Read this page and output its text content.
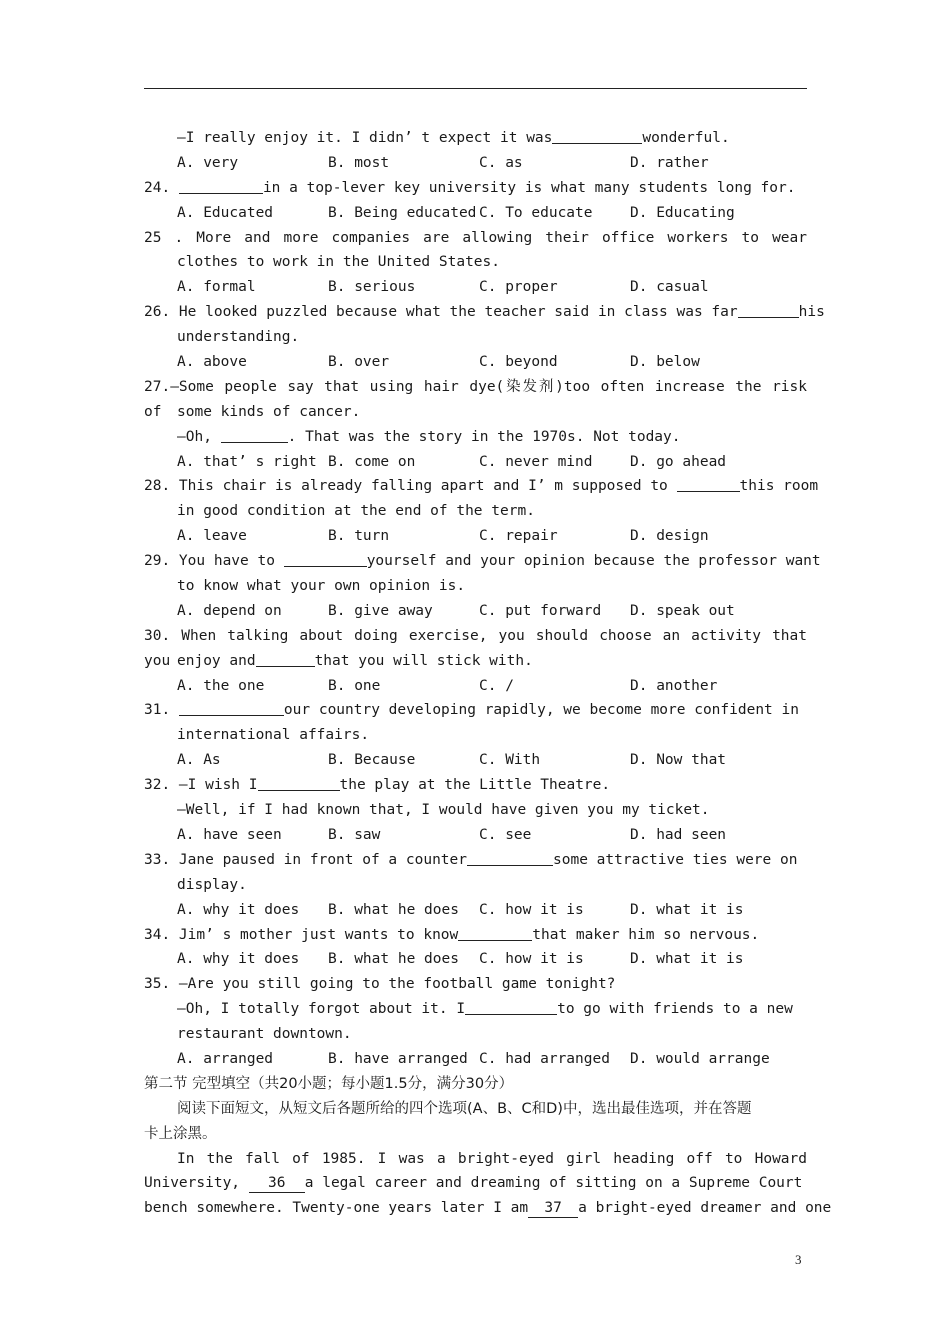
—I really enjoy it. I didn’ t expect it was	wonderful.
A. very	B. most	C. as	D. rather
24.	in a top-lever key university is what many students long for.
A. Educated	B. Being educated C. To educate	D. Educating
25 . More and more companies are allowing their office workers to wear
clothes to work in the United States.
A. formal	B. serious	C. proper	D. casual
26. He looked puzzled because what the teacher said in class was far	his
understanding.
A. above	B. over	C. beyond	D. below
27.—Some people say that using hair dye(染发剂)too often increase the risk of	some kinds of cancer.
—Oh,	. That was the story in the 1970s. Not today.
A. that’ s right B. come on	C. never mind	D. go ahead
28. This chair is already falling apart and I’ m supposed to	this room
in good condition at the end of the term.
A. leave	B. turn	C. repair	D. design
29. You have to	yourself and your opinion because the professor want
to know what your own opinion is.
A. depend on	B. give away	C. put forward	D. speak out
30. When talking about doing exercise, you should choose an activity that you enjoy and	that you will stick with.
A. the one	B. one	C. /	D. another
31.	our country developing rapidly, we become more confident in
international affairs.
A. As	B. Because	C. With	D. Now that
32. —I wish I	the play at the Little Theatre.
—Well, if I had known that, I would have given you my ticket.
A. have seen	B. saw	C. see	D. had seen
33. Jane paused in front of a counter	some attractive ties were on
display.
A. why it does	B. what he does	C. how it is	D. what it is
34. Jim’ s mother just wants to know	that maker him so nervous.
A. why it does	B. what he does	C. how it is	D. what it is
35. —Are you still going to the football game tonight?
—Oh, I totally forgot about it. I	to go with friends to a new
restaurant downtown.
A. arranged	B. have arranged C. had arranged	D. would arrange
第二节 完型填空（共20小题；每小题1.5分，满分30分）
阅读下面短文，从短文后各题所给的四个选项(A、B、C和D)中，选出最佳选项，并在答题
卡上涂黑。
In the fall of 1985. I was a bright-eyed girl heading off to Howard
University, 36 a legal career and dreaming of sitting on a Supreme Court
bench somewhere. Twenty-one years later I am 37 a bright-eyed dreamer and one
3
